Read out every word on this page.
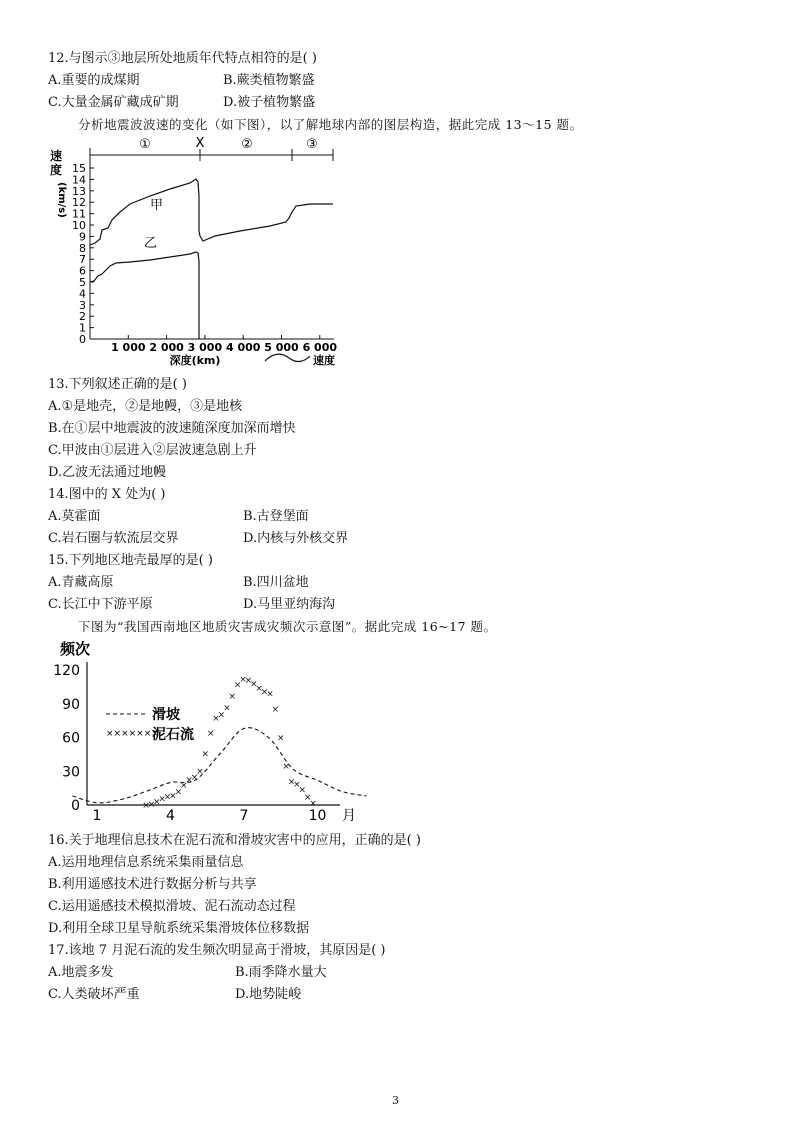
12.与图示③地层所处地质年代特点相符的是( )
A.重要的成煤期	B.蕨类植物繁盛
C.大量金属矿藏成矿期	D.被子植物繁盛
分析地震波波速的变化（如下图），以了解地球内部的图层构造，据此完成 13～15 题。
速
度
(km/s)
15
14
13
12
11
10
9
8
7
6
5
4
3
2
1
0
①	X	②	③
甲
乙
1 000 2 000 3 000 4 000 5 000 6 000
深度(km)	速度
13.下列叙述正确的是( )
A.①是地壳，②是地幔，③是地核
B.在①层中地震波的波速随深度加深而增快
C.甲波由①层进入②层波速急剧上升
D.乙波无法通过地幔
14.图中的 X 处为( )
A.莫霍面	B.古登堡面
C.岩石圈与软流层交界	D.内核与外核交界
15.下列地区地壳最厚的是( )
A.青藏高原	B.四川盆地
C.长江中下游平原	D.马里亚纳海沟
下图为“我国西南地区地质灾害成灾频次示意图”。据此完成 16~17 题。
频次
120
90
60
30
0
1	4	7	10 月
×
×
×
×
×
×
×
×
×
×
×
×
×
×
×
×
×
×
×
×
×
×
×
×
×
×
×
×
×
×
×
×
滑坡
×××××××
泥石流
16.关于地理信息技术在泥石流和滑坡灾害中的应用，正确的是( )
A.运用地理信息系统采集雨量信息
B.利用遥感技术进行数据分析与共享
C.运用遥感技术模拟滑坡、泥石流动态过程
D.利用全球卫星导航系统采集滑坡体位移数据
17.该地 7 月泥石流的发生频次明显高于滑坡，其原因是( )
A.地震多发	B.雨季降水量大
C.人类破坏严重	D.地势陡峻
3
